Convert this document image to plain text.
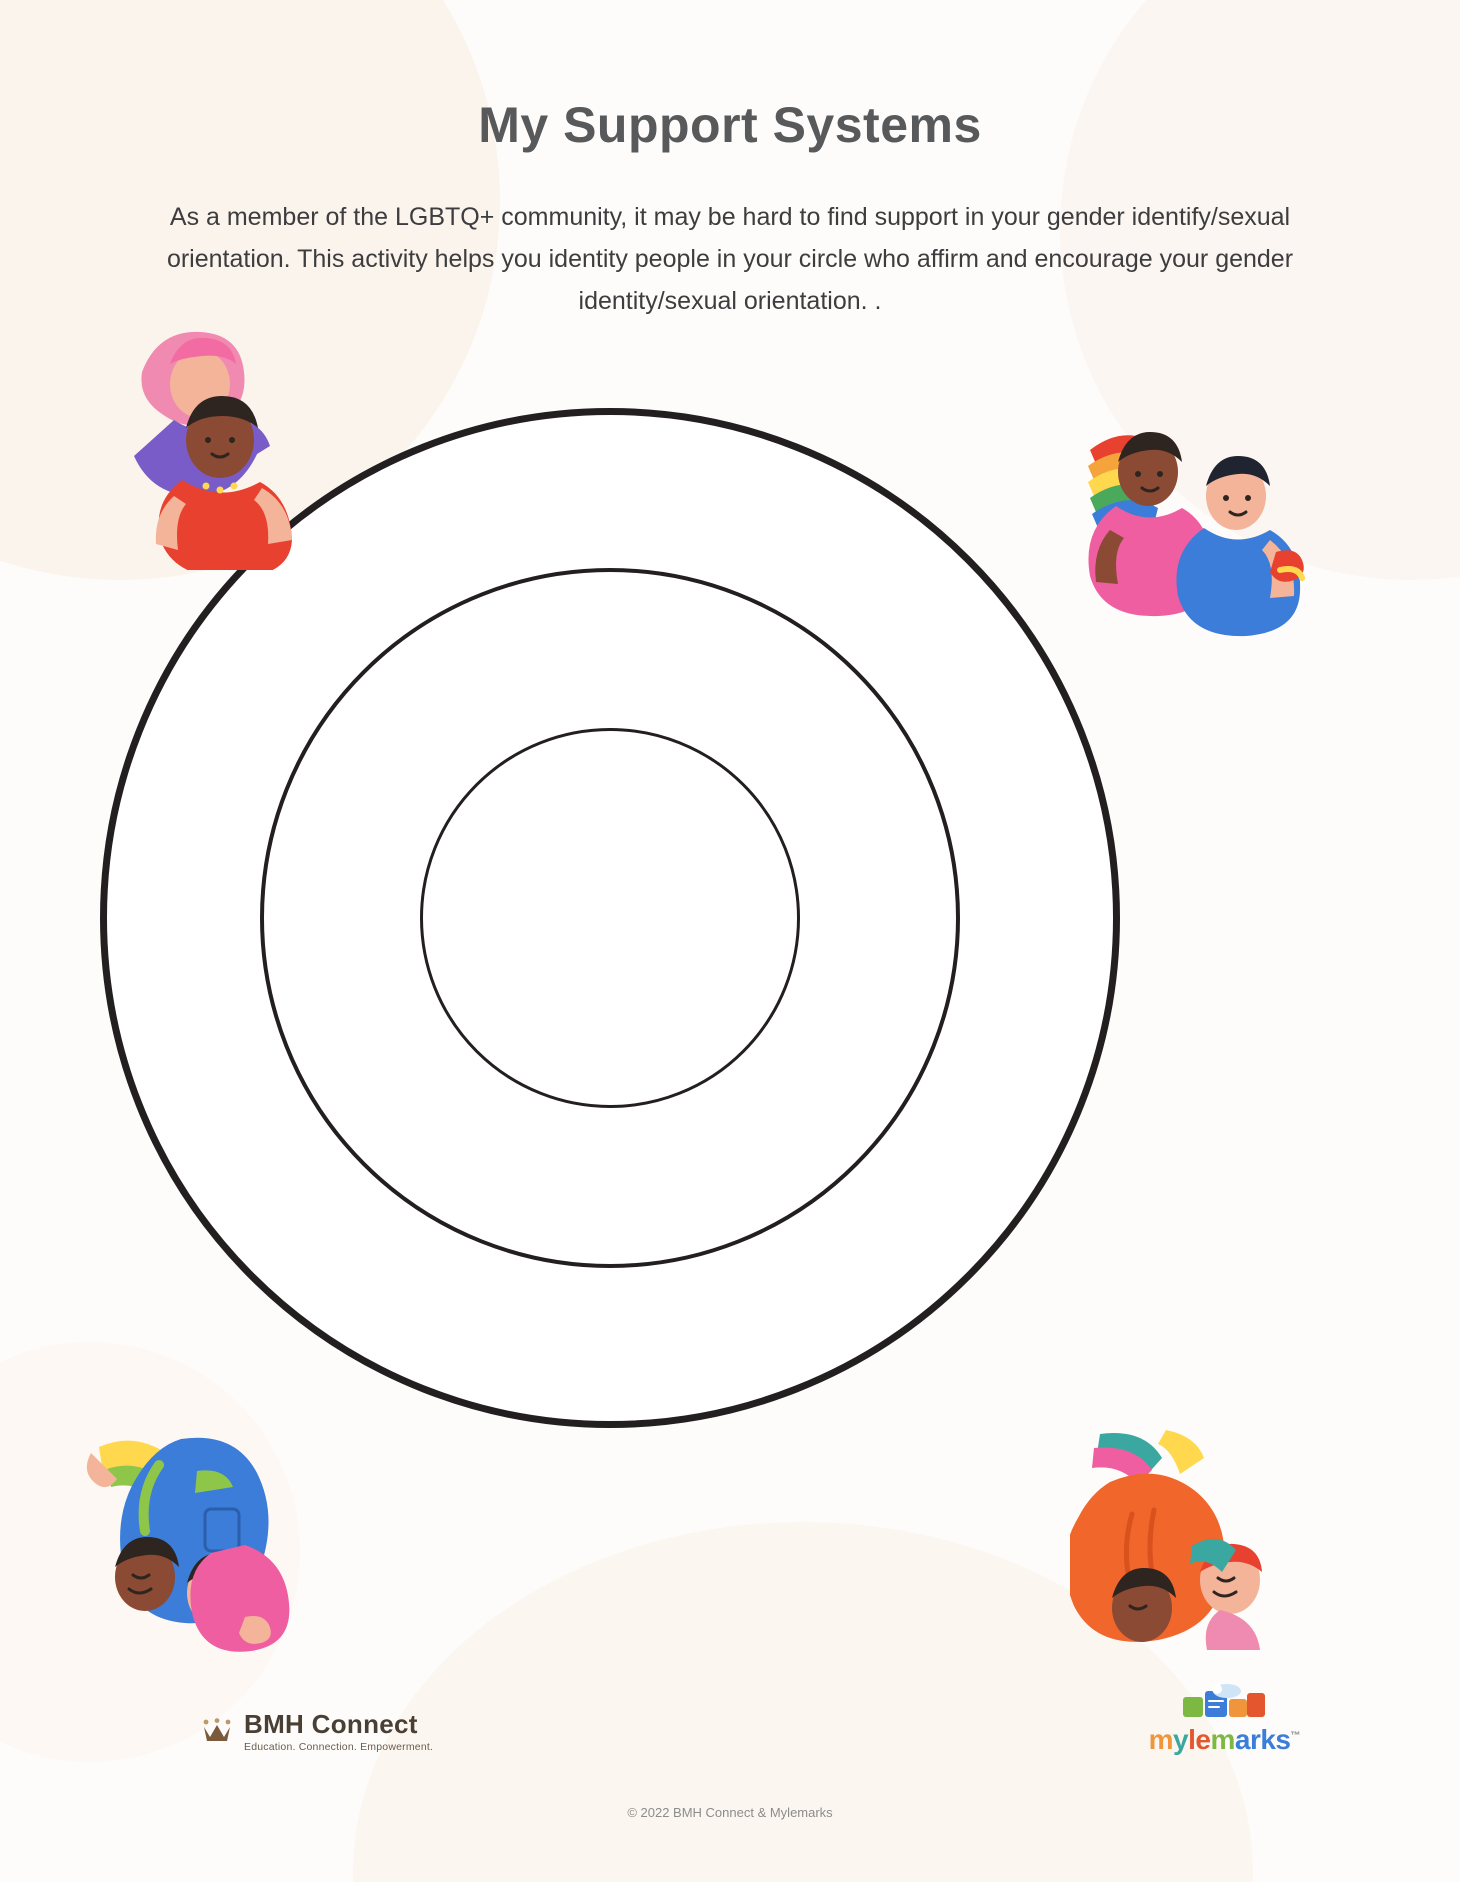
My Support Systems
As a member of the LGBTQ+ community, it may be hard to find support in your gender identify/sexual orientation. This activity helps you identity people in your circle who affirm and encourage your gender identity/sexual orientation. .
BMH Connect
Education. Connection. Empowerment.	mylemarks™
© 2022 BMH Connect & Mylemarks
